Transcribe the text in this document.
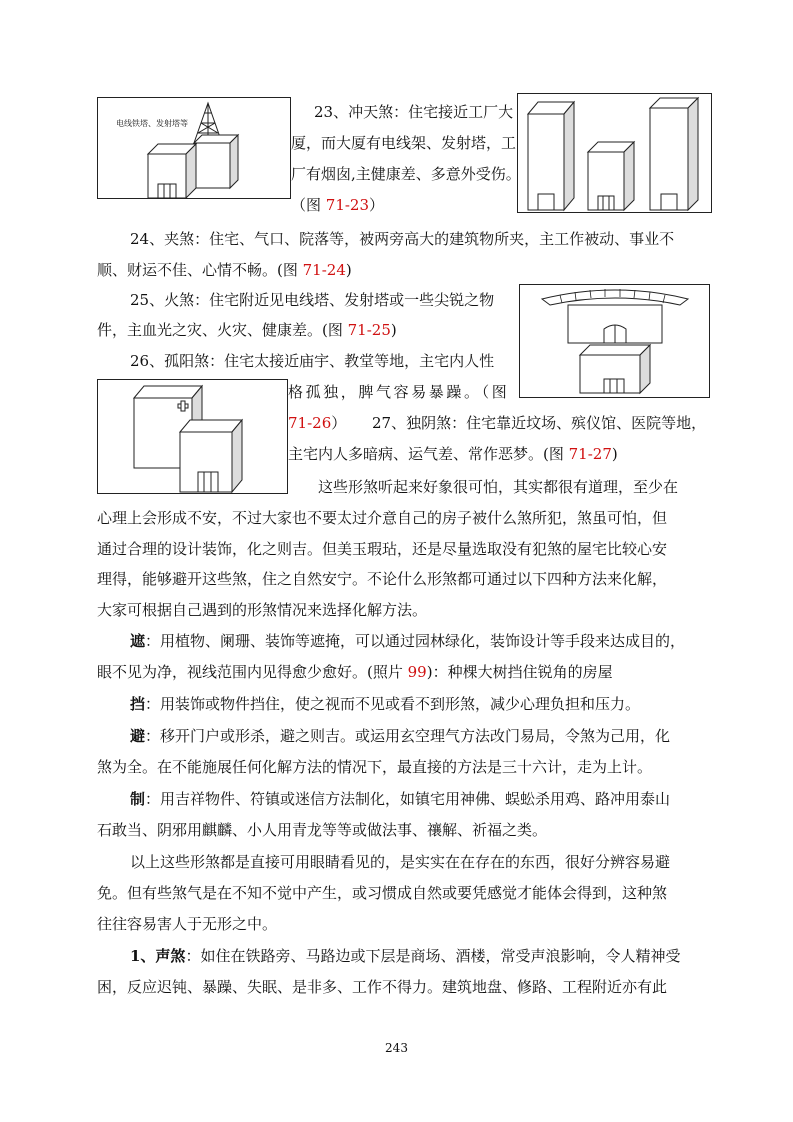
电线铁塔、发射塔等
23、冲天煞：住宅接近工厂大
厦，而大厦有电线架、发射塔，工
厂有烟囱,主健康差、多意外受伤。
（图 71-23）
24、夹煞：住宅、气口、院落等，被两旁高大的建筑物所夹，主工作被动、事业不
顺、财运不佳、心情不畅。(图 71-24)
25、火煞：住宅附近见电线塔、发射塔或一些尖锐之物
件，主血光之灾、火灾、健康差。(图 71-25)
26、孤阳煞：住宅太接近庙宇、教堂等地，主宅内人性
格孤独，脾气容易暴躁。（图
71-26） 27、独阴煞：住宅靠近坟场、殡仪馆、医院等地，
主宅内人多暗病、运气差、常作恶梦。(图 71-27)
这些形煞听起来好象很可怕，其实都很有道理，至少在
心理上会形成不安，不过大家也不要太过介意自己的房子被什么煞所犯，煞虽可怕，但
通过合理的设计装饰，化之则吉。但美玉瑕玷，还是尽量选取没有犯煞的屋宅比较心安
理得，能够避开这些煞，住之自然安宁。不论什么形煞都可通过以下四种方法来化解，
大家可根据自己遇到的形煞情况来选择化解方法。
遮：用植物、阑珊、装饰等遮掩，可以通过园林绿化，装饰设计等手段来达成目的，
眼不见为净，视线范围内见得愈少愈好。(照片 99)：种棵大树挡住锐角的房屋
挡：用装饰或物件挡住，使之视而不见或看不到形煞，减少心理负担和压力。
避：移开门户或形杀，避之则吉。或运用玄空理气方法改门易局，令煞为己用，化
煞为全。在不能施展任何化解方法的情况下，最直接的方法是三十六计，走为上计。
制：用吉祥物件、符镇或迷信方法制化，如镇宅用神佛、蜈蚣杀用鸡、路冲用泰山
石敢当、阴邪用麒麟、小人用青龙等等或做法事、禳解、祈福之类。
以上这些形煞都是直接可用眼睛看见的，是实实在在存在的东西，很好分辨容易避
免。但有些煞气是在不知不觉中产生，或习惯成自然或要凭感觉才能体会得到，这种煞
往往容易害人于无形之中。
1、声煞：如住在铁路旁、马路边或下层是商场、酒楼，常受声浪影响，令人精神受
困，反应迟钝、暴躁、失眠、是非多、工作不得力。建筑地盘、修路、工程附近亦有此
243
